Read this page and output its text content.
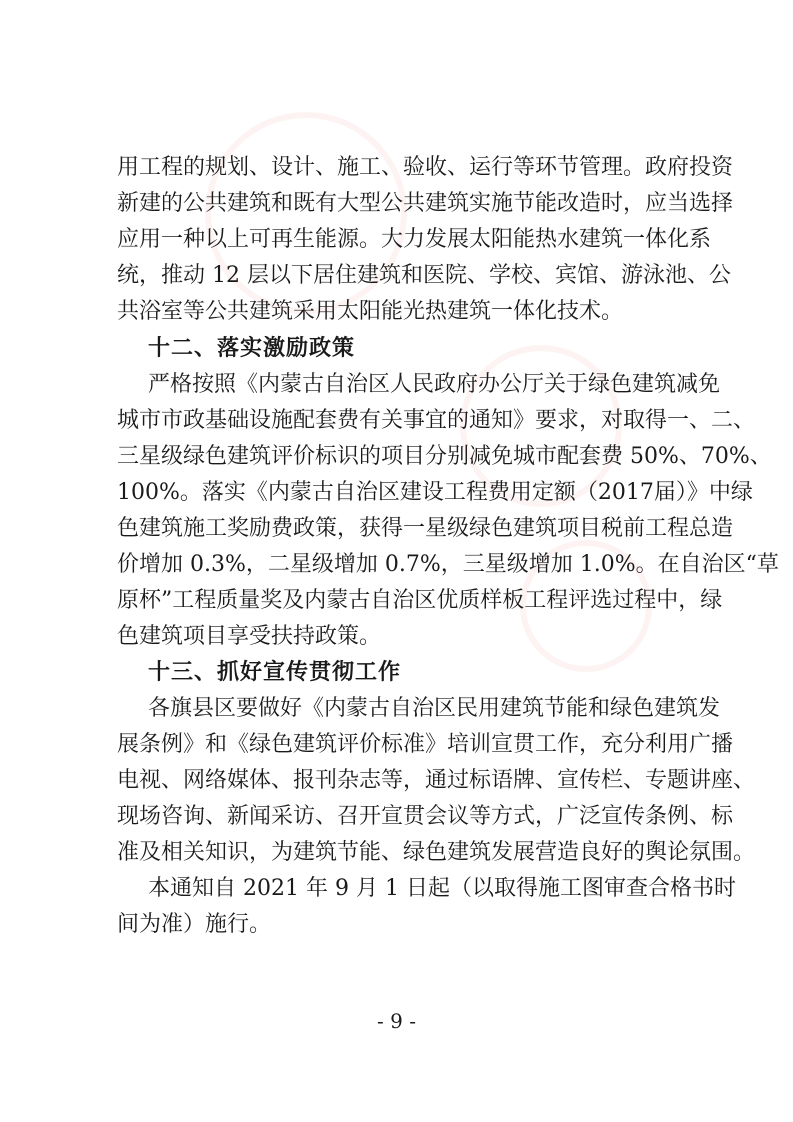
用工程的规划、设计、施工、验收、运行等环节管理。政府投资
新建的公共建筑和既有大型公共建筑实施节能改造时，应当选择
应用一种以上可再生能源。大力发展太阳能热水建筑一体化系
统，推动 12 层以下居住建筑和医院、学校、宾馆、游泳池、公
共浴室等公共建筑采用太阳能光热建筑一体化技术。
十二、落实激励政策
严格按照《内蒙古自治区人民政府办公厅关于绿色建筑减免
城市市政基础设施配套费有关事宜的通知》要求，对取得一、二、
三星级绿色建筑评价标识的项目分别减免城市配套费 50%、70%、
100%。落实《内蒙古自治区建设工程费用定额（2017届）》中绿
色建筑施工奖励费政策，获得一星级绿色建筑项目税前工程总造
价增加 0.3%，二星级增加 0.7%，三星级增加 1.0%。在自治区“草
原杯”工程质量奖及内蒙古自治区优质样板工程评选过程中，绿
色建筑项目享受扶持政策。
十三、抓好宣传贯彻工作
各旗县区要做好《内蒙古自治区民用建筑节能和绿色建筑发
展条例》和《绿色建筑评价标准》培训宣贯工作，充分利用广播
电视、网络媒体、报刊杂志等，通过标语牌、宣传栏、专题讲座、
现场咨询、新闻采访、召开宣贯会议等方式，广泛宣传条例、标
准及相关知识，为建筑节能、绿色建筑发展营造良好的舆论氛围。
本通知自 2021 年 9 月 1 日起（以取得施工图审查合格书时
间为准）施行。
- 9 -
